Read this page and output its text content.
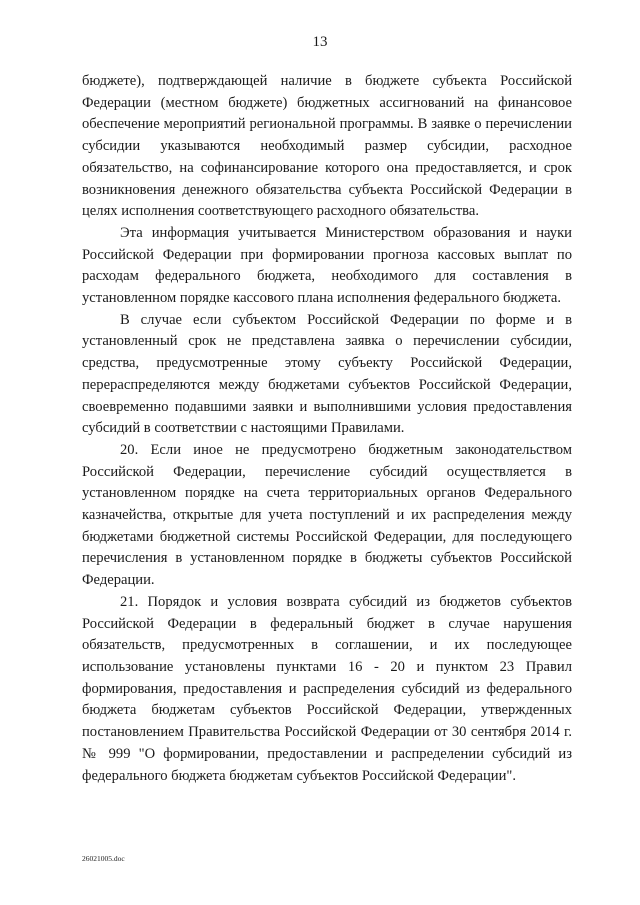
13

бюджете), подтверждающей наличие в бюджете субъекта Российской Федерации (местном бюджете) бюджетных ассигнований на финансовое обеспечение мероприятий региональной программы. В заявке о перечислении субсидии указываются необходимый размер субсидии, расходное обязательство, на софинансирование которого она предоставляется, и срок возникновения денежного обязательства субъекта Российской Федерации в целях исполнения соответствующего расходного обязательства.

Эта информация учитывается Министерством образования и науки Российской Федерации при формировании прогноза кассовых выплат по расходам федерального бюджета, необходимого для составления в установленном порядке кассового плана исполнения федерального бюджета.

В случае если субъектом Российской Федерации по форме и в установленный срок не представлена заявка о перечислении субсидии, средства, предусмотренные этому субъекту Российской Федерации, перераспределяются между бюджетами субъектов Российской Федерации, своевременно подавшими заявки и выполнившими условия предоставления субсидий в соответствии с настоящими Правилами.

20. Если иное не предусмотрено бюджетным законодательством Российской Федерации, перечисление субсидий осуществляется в установленном порядке на счета территориальных органов Федерального казначейства, открытые для учета поступлений и их распределения между бюджетами бюджетной системы Российской Федерации, для последующего перечисления в установленном порядке в бюджеты субъектов Российской Федерации.

21. Порядок и условия возврата субсидий из бюджетов субъектов Российской Федерации в федеральный бюджет в случае нарушения обязательств, предусмотренных в соглашении, и их последующее использование установлены пунктами 16 - 20 и пунктом 23 Правил формирования, предоставления и распределения субсидий из федерального бюджета бюджетам субъектов Российской Федерации, утвержденных постановлением Правительства Российской Федерации от 30 сентября 2014 г. № 999 "О формировании, предоставлении и распределении субсидий из федерального бюджета бюджетам субъектов Российской Федерации".

26021005.doc
